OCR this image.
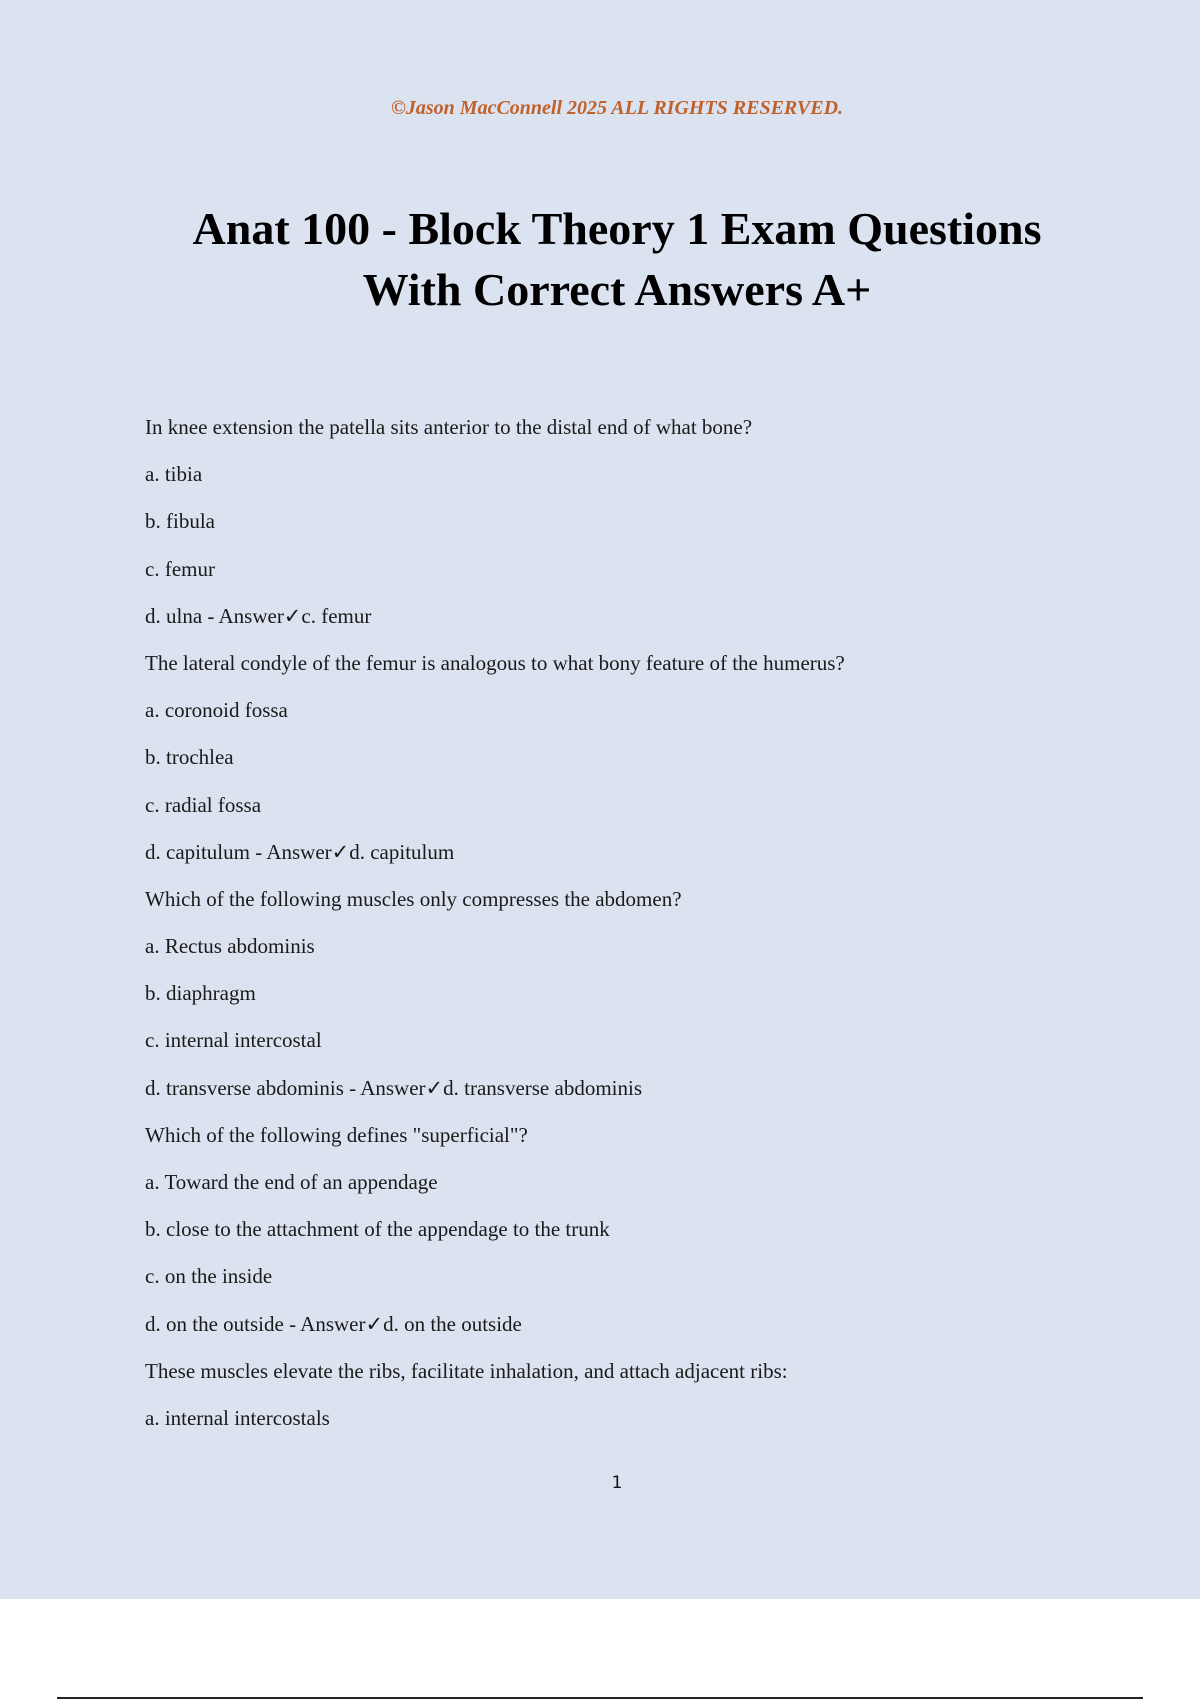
©Jason MacConnell 2025 ALL RIGHTS RESERVED.

Anat 100 - Block Theory 1 Exam Questions
With Correct Answers A+
In knee extension the patella sits anterior to the distal end of what bone?
a. tibia
b. fibula
c. femur
d. ulna - Answer✓c. femur
The lateral condyle of the femur is analogous to what bony feature of the humerus?
a. coronoid fossa
b. trochlea
c. radial fossa
d. capitulum - Answer✓d. capitulum
Which of the following muscles only compresses the abdomen?
a. Rectus abdominis
b. diaphragm
c. internal intercostal
d. transverse abdominis - Answer✓d. transverse abdominis
Which of the following defines "superficial"?
a. Toward the end of an appendage
b. close to the attachment of the appendage to the trunk
c. on the inside
d. on the outside - Answer✓d. on the outside
These muscles elevate the ribs, facilitate inhalation, and attach adjacent ribs:
a. internal intercostals

1
